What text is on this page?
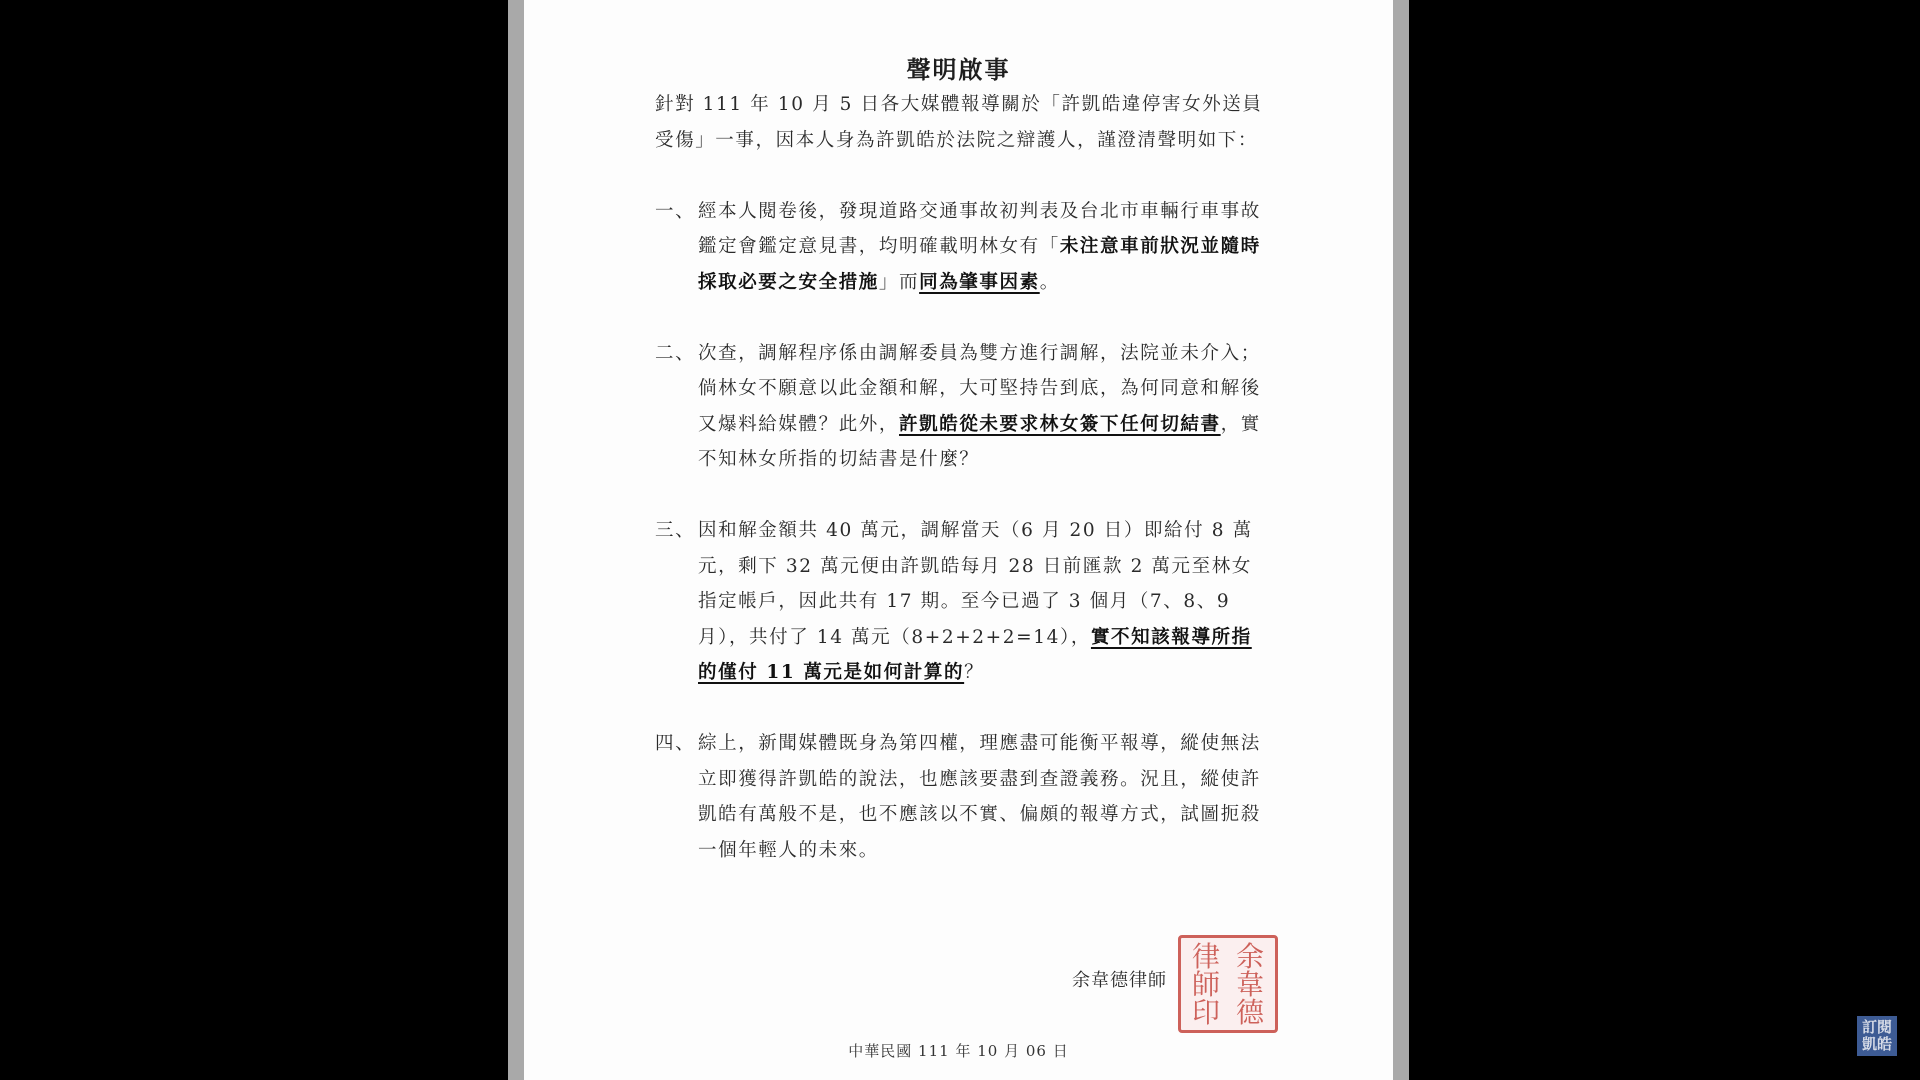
聲明啟事

針對 111 年 10 月 5 日各大媒體報導關於「許凱皓違停害女外送員受傷」一事，因本人身為許凱皓於法院之辯護人，謹澄清聲明如下：

一、 經本人閱卷後，發現道路交通事故初判表及台北市車輛行車事故鑑定會鑑定意見書，均明確載明林女有「未注意車前狀況並隨時採取必要之安全措施」而同為肇事因素。
二、 次查，調解程序係由調解委員為雙方進行調解，法院並未介入；倘林女不願意以此金額和解，大可堅持告到底，為何同意和解後又爆料給媒體？此外，許凱皓從未要求林女簽下任何切結書，實不知林女所指的切結書是什麼？
三、 因和解金額共 40 萬元，調解當天（6 月 20 日）即給付 8 萬元，剩下 32 萬元便由許凱皓每月 28 日前匯款 2 萬元至林女指定帳戶，因此共有 17 期。至今已過了 3 個月（7、8、9 月），共付了 14 萬元（8+2+2+2=14），實不知該報導所指的僅付 11 萬元是如何計算的？
四、 綜上，新聞媒體既身為第四權，理應盡可能衡平報導，縱使無法立即獲得許凱皓的說法，也應該要盡到查證義務。況且，縱使許凱皓有萬般不是，也不應該以不實、偏頗的報導方式，試圖扼殺一個年輕人的未來。
余韋德律師
律
師
印
余
韋
德
中華民國 111 年 10 月 06 日
訂閱
凱皓
